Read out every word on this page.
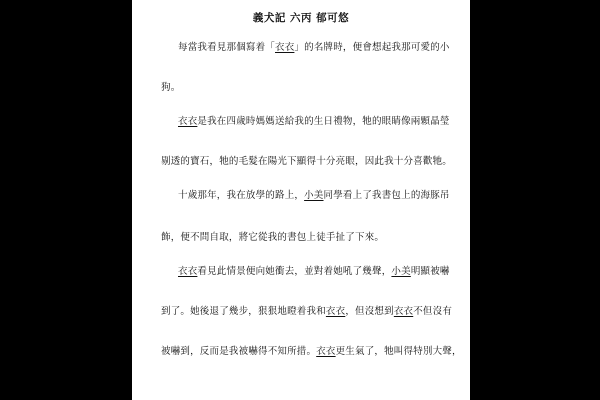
義犬記 六丙 郁可悠
每當我看見那個寫着「衣衣」的名牌時，便會想起我那可愛的小
狗。
衣衣是我在四歲時媽媽送給我的生日禮物，牠的眼睛像兩顆晶瑩
剔透的寶石，牠的毛髮在陽光下顯得十分亮眼，因此我十分喜歡牠。
十歲那年，我在放學的路上，小美同學看上了我書包上的海豚吊
飾，便不問自取，將它從我的書包上徒手扯了下來。
衣衣看見此情景便向她衝去，並對着她吼了幾聲，小美明顯被嚇
到了。她後退了幾步，狠狠地瞪着我和衣衣，但沒想到衣衣不但沒有
被嚇到，反而是我被嚇得不知所措。衣衣更生氣了，牠叫得特別大聲，
